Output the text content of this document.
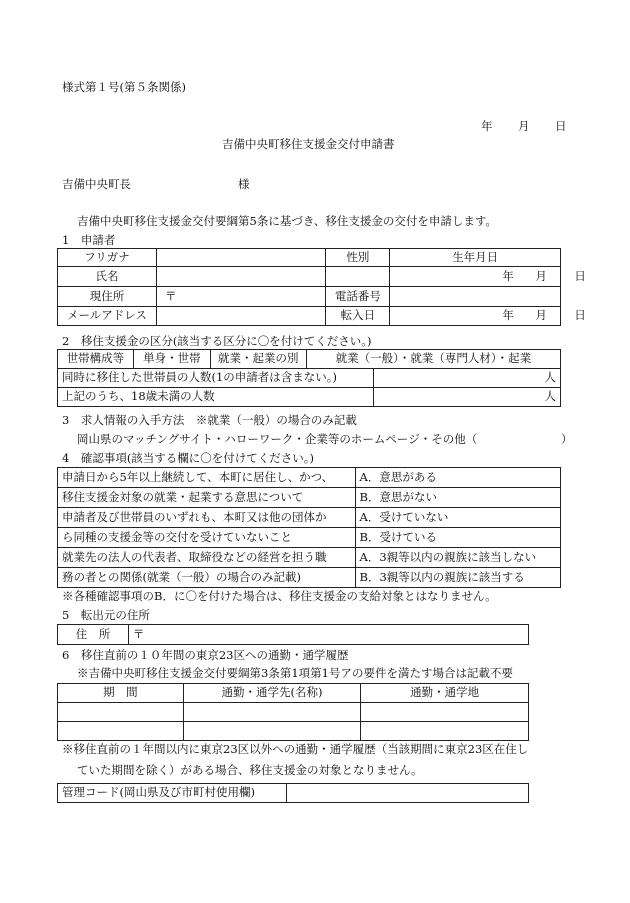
様式第１号(第５条関係)
年 月 日
吉備中央町移住支援金交付申請書
吉備中央町長	様
吉備中央町移住支援金交付要綱第5条に基づき、移住支援金の交付を申請します。
1　申請者
フリガナ		性別	生年月日
氏名			年 月 日

現住所	〒	電話番号	
メールアドレス		転入日	年 月 日
2　移住支援金の区分(該当する区分に〇を付けてください。)
世帯構成等	単身・世帯	就業・起業の別	就業（一般）・就業（専門人材）・起業	
同時に移住した世帯員の人数(1の申請者は含まない。)				人
上記のうち、18歳未満の人数				人
3　求人情報の入手方法　※就業（一般）の場合のみ記載
岡山県のマッチングサイト・ハローワーク・企業等のホームページ・その他（	）
4　確認事項(該当する欄に〇を付けてください。)
申請日から5年以上継続して、本町に居住し、かつ、	A．意思がある
移住支援金対象の就業・起業する意思について	B．意思がない
申請者及び世帯員のいずれも、本町又は他の団体か	A．受けていない
ら同種の支援金等の交付を受けていないこと	B．受けている
就業先の法人の代表者、取締役などの経営を担う職	A．3親等以内の親族に該当しない
務の者との関係(就業（一般）の場合のみ記載)	B．3親等以内の親族に該当する
※各種確認事項のB．に〇を付けた場合は、移住支援金の支給対象とはなりません。
5　転出元の住所
住　所	〒
6　移住直前の１０年間の東京23区への通勤・通学履歴
※吉備中央町移住支援金交付要綱第3条第1項第1号アの要件を満たす場合は記載不要
期　間	通勤・通学先(名称)	通勤・通学地

※移住直前の１年間以内に東京23区以外への通勤・通学履歴（当該期間に東京23区在住し
ていた期間を除く）がある場合、移住支援金の対象となりません。
管理コード(岡山県及び市町村使用欄)	
